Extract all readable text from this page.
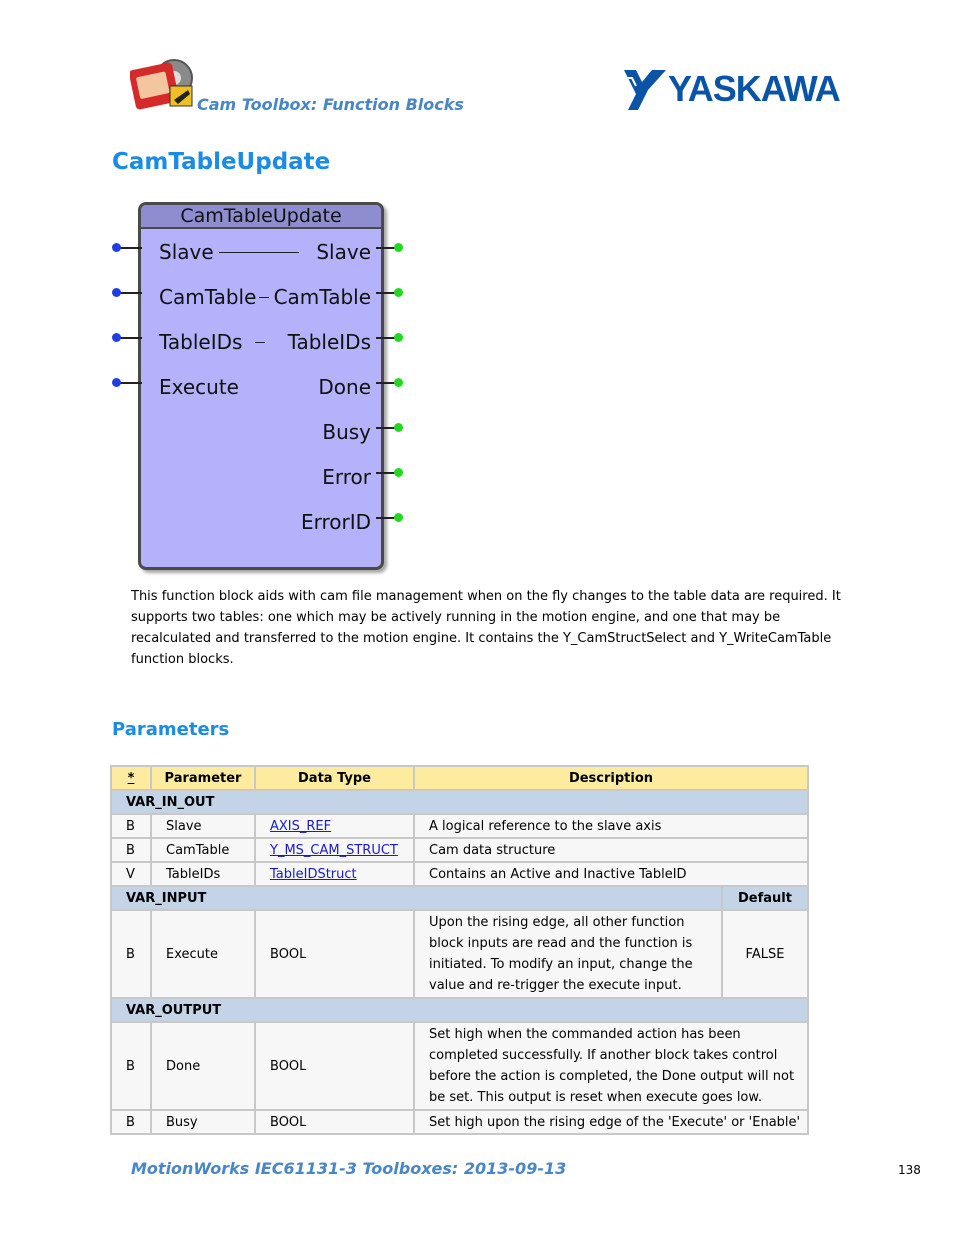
Cam Toolbox: Function Blocks	YASKAWA
CamTableUpdate
CamTableUpdate
Slave
CamTable
TableIDs
Execute
Slave
CamTable
TableIDs
Done
Busy
Error
ErrorID

This function block aids with cam file management when on the fly changes to the table data are required. It supports two tables: one which may be actively running in the motion engine, and one that may be recalculated and transferred to the motion engine. It contains the Y_CamStructSelect and Y_WriteCamTable function blocks.

Parameters
*	Parameter	Data Type	Description	
VAR_IN_OUT				
B	Slave	AXIS_REF	A logical reference to the slave axis	
B	CamTable	Y_MS_CAM_STRUCT	Cam data structure	
V	TableIDs	TableIDStruct	Contains an Active and Inactive TableID	
VAR_INPUT				Default
B	Execute	BOOL	Upon the rising edge, all other function block inputs are read and the function is initiated. To modify an input, change the value and re-trigger the execute input.	FALSE
VAR_OUTPUT				
B	Done	BOOL	Set high when the commanded action has been completed successfully. If another block takes control before the action is completed, the Done output will not be set. This output is reset when execute goes low.	
B	Busy	BOOL	Set high upon the rising edge of the 'Execute' or 'Enable'	
MotionWorks IEC61131-3 Toolboxes: 2013-09-13	138
